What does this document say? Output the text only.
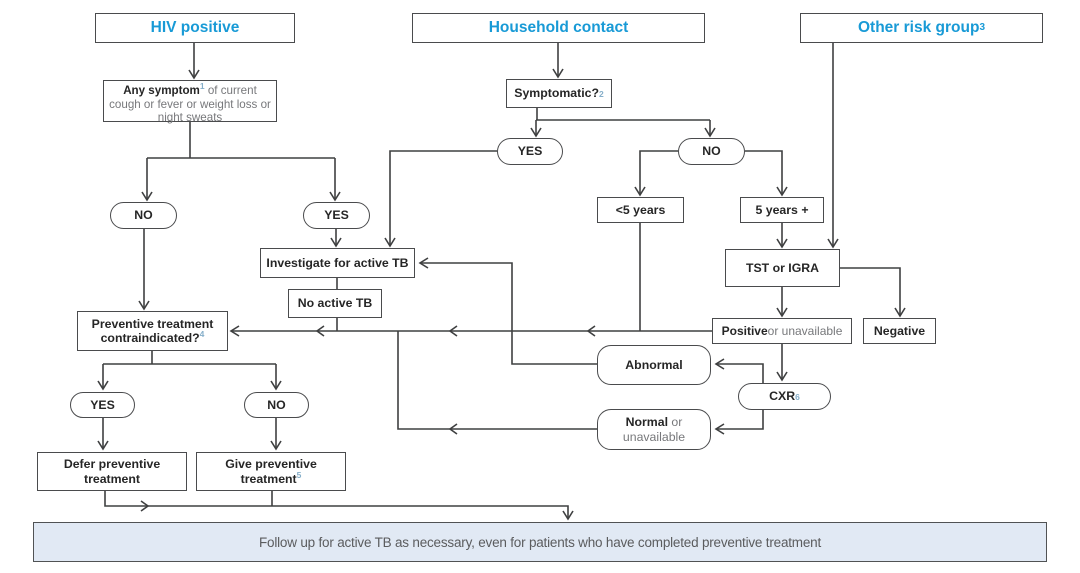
HIV positive	Household contact	Other risk group 3
Any symptom$^1$ of current cough or fever or weight loss or night sweats
NO	YES
Symptomatic? 2
YES	NO
<5 years	5 years +
TST or IGRA
Negative
Positive or unavailable
CXR 6
Abnormal
Normal or unavailable
Investigate for active TB
No active TB
Preventive treatment contraindicated?$^4$
YES	NO
Defer preventive treatment
Give preventive treatment$^5$
Follow up for active TB as necessary, even for patients who have completed preventive treatment
